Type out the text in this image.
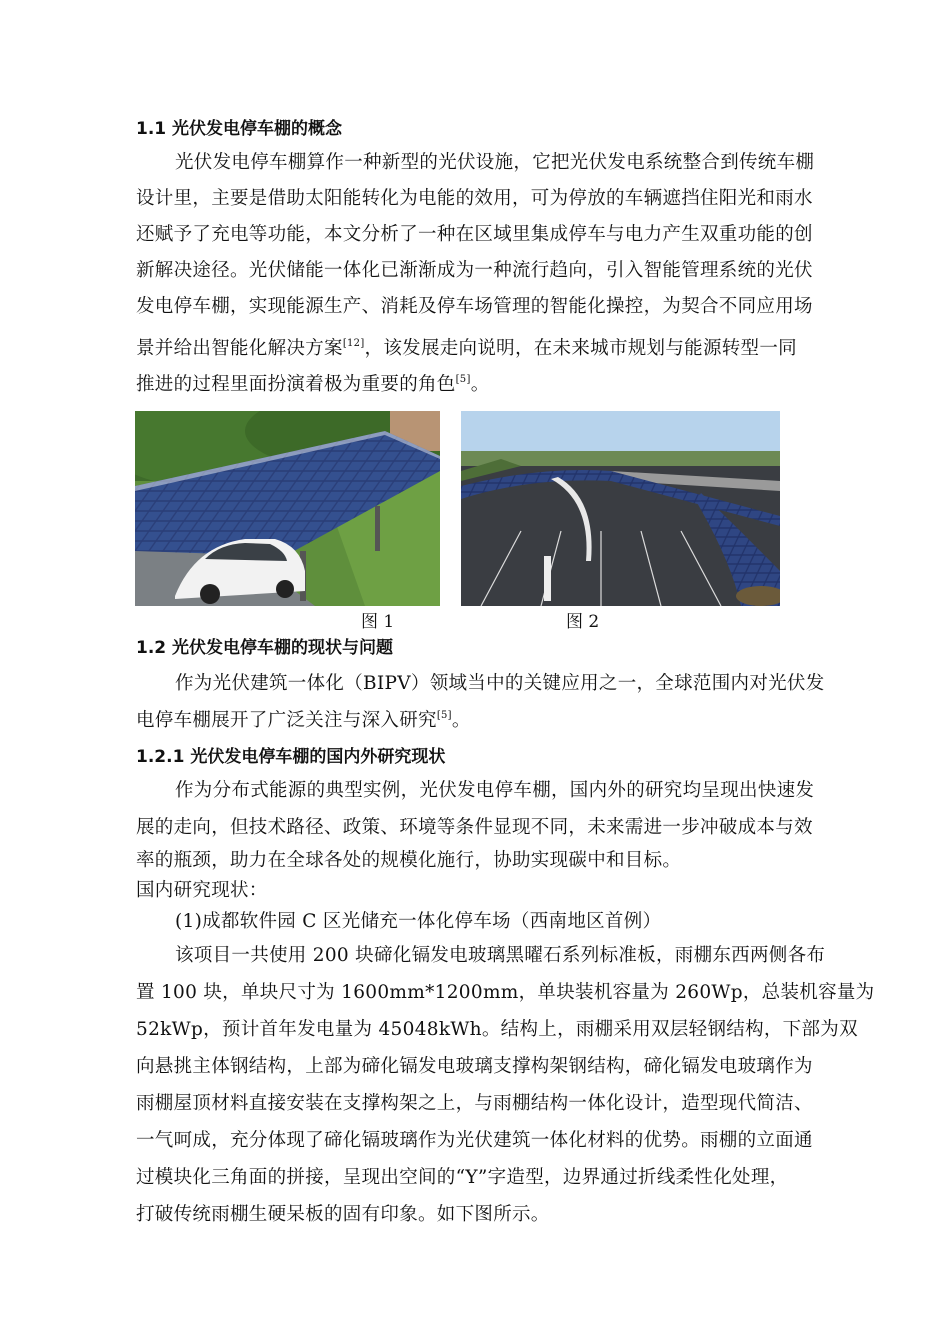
1.1 光伏发电停车棚的概念
光伏发电停车棚算作一种新型的光伏设施，它把光伏发电系统整合到传统车棚
设计里，主要是借助太阳能转化为电能的效用，可为停放的车辆遮挡住阳光和雨水
还赋予了充电等功能，本文分析了一种在区域里集成停车与电力产生双重功能的创
新解决途径。光伏储能一体化已渐渐成为一种流行趋向，引入智能管理系统的光伏
发电停车棚，实现能源生产、消耗及停车场管理的智能化操控，为契合不同应用场
景并给出智能化解决方案[12]，该发展走向说明，在未来城市规划与能源转型一同
推进的过程里面扮演着极为重要的角色[5]。
图 1	图 2
1.2 光伏发电停车棚的现状与问题
作为光伏建筑一体化（BIPV）领域当中的关键应用之一，全球范围内对光伏发
电停车棚展开了广泛关注与深入研究[5]。
1.2.1 光伏发电停车棚的国内外研究现状
作为分布式能源的典型实例，光伏发电停车棚，国内外的研究均呈现出快速发
展的走向，但技术路径、政策、环境等条件显现不同，未来需进一步冲破成本与效
率的瓶颈，助力在全球各处的规模化施行，协助实现碳中和目标。
国内研究现状：
(1)成都软件园 C 区光储充一体化停车场（西南地区首例）
该项目一共使用 200 块碲化镉发电玻璃黑曜石系列标准板，雨棚东西两侧各布
置 100 块，单块尺寸为 1600mm*1200mm，单块装机容量为 260Wp，总装机容量为
52kWp，预计首年发电量为 45048kWh。结构上，雨棚采用双层轻钢结构，下部为双
向悬挑主体钢结构，上部为碲化镉发电玻璃支撑构架钢结构，碲化镉发电玻璃作为
雨棚屋顶材料直接安装在支撑构架之上，与雨棚结构一体化设计，造型现代简洁、
一气呵成，充分体现了碲化镉玻璃作为光伏建筑一体化材料的优势。雨棚的立面通
过模块化三角面的拼接，呈现出空间的“Y”字造型，边界通过折线柔性化处理，
打破传统雨棚生硬呆板的固有印象。如下图所示。
